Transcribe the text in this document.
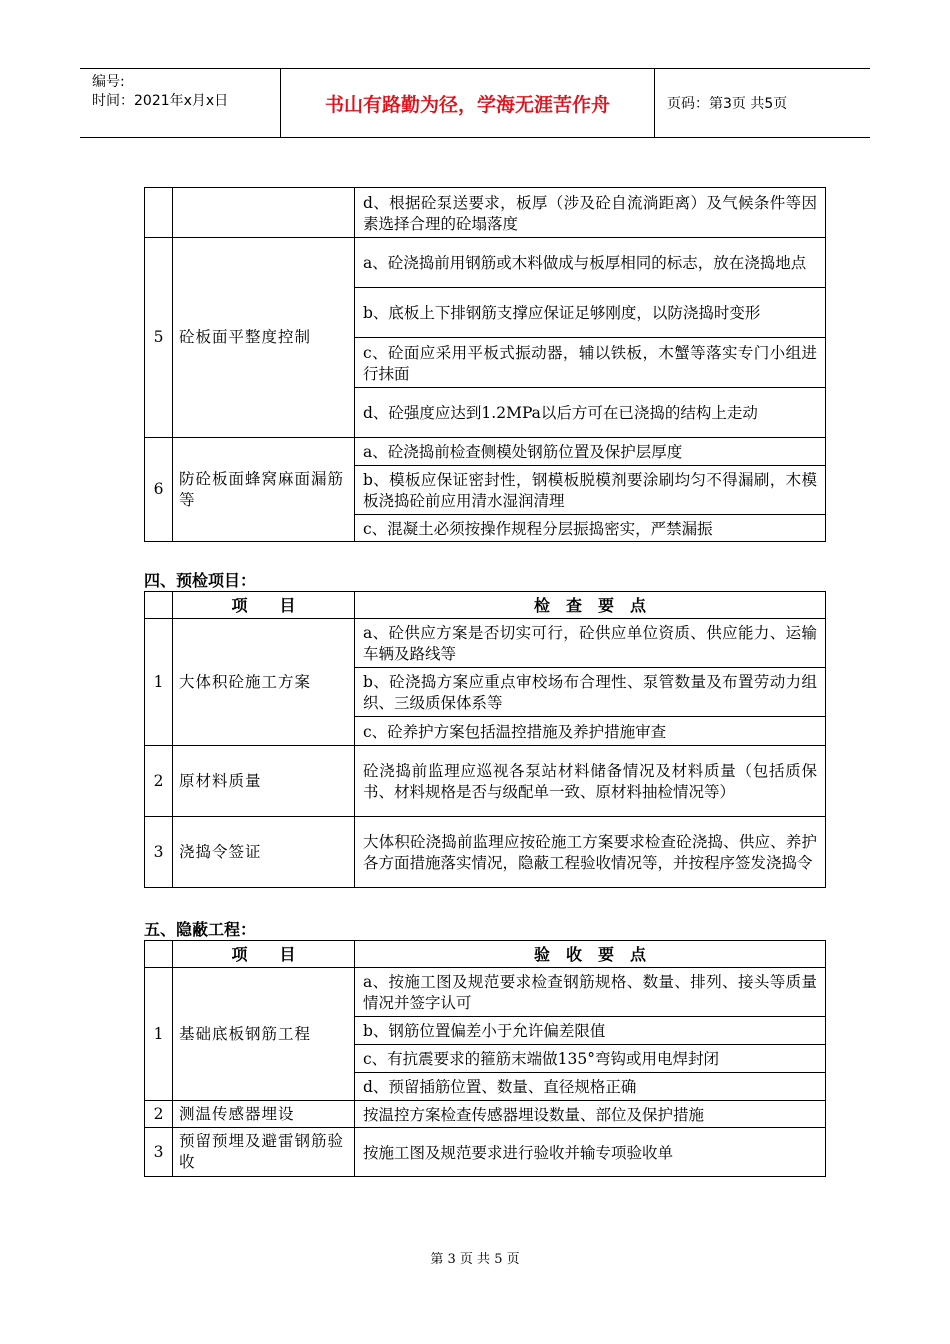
编号:
时间：2021年x月x日	书山有路勤为径，学海无涯苦作舟	页码：第3页 共5页
		d、根据砼泵送要求，板厚（涉及砼自流淌距离）及气候条件等因素选择合理的砼塌落度
5	砼板面平整度控制	a、砼浇捣前用钢筋或木料做成与板厚相同的标志，放在浇捣地点
		b、底板上下排钢筋支撑应保证足够刚度，以防浇捣时变形
		c、砼面应采用平板式振动器，辅以铁板，木蟹等落实专门小组进行抹面
		d、砼强度应达到1.2MPa以后方可在已浇捣的结构上走动
6	防砼板面蜂窝麻面漏筋等	a、砼浇捣前检查侧模处钢筋位置及保护层厚度
		b、模板应保证密封性，钢模板脱模剂要涂刷均匀不得漏刷，木模板浇捣砼前应用清水湿润清理
		c、混凝土必须按操作规程分层振捣密实，严禁漏振
四、预检项目：
	项　　目	检　查　要　点
1	大体积砼施工方案	a、砼供应方案是否切实可行，砼供应单位资质、供应能力、运输车辆及路线等
		b、砼浇捣方案应重点审校场布合理性、泵管数量及布置劳动力组织、三级质保体系等
		c、砼养护方案包括温控措施及养护措施审查
2	原材料质量	砼浇捣前监理应巡视各泵站材料储备情况及材料质量（包括质保书、材料规格是否与级配单一致、原材料抽检情况等）
3	浇捣令签证	大体积砼浇捣前监理应按砼施工方案要求检查砼浇捣、供应、养护各方面措施落实情况，隐蔽工程验收情况等，并按程序签发浇捣令
五、隐蔽工程：
	项　　目	验　收　要　点
1	基础底板钢筋工程	a、按施工图及规范要求检查钢筋规格、数量、排列、接头等质量情况并签字认可
		b、钢筋位置偏差小于允许偏差限值
		c、有抗震要求的箍筋末端做135°弯钩或用电焊封闭
		d、预留插筋位置、数量、直径规格正确
2	测温传感器埋设	按温控方案检查传感器埋设数量、部位及保护措施
3	预留预埋及避雷钢筋验收	按施工图及规范要求进行验收并输专项验收单
第 3 页 共 5 页
